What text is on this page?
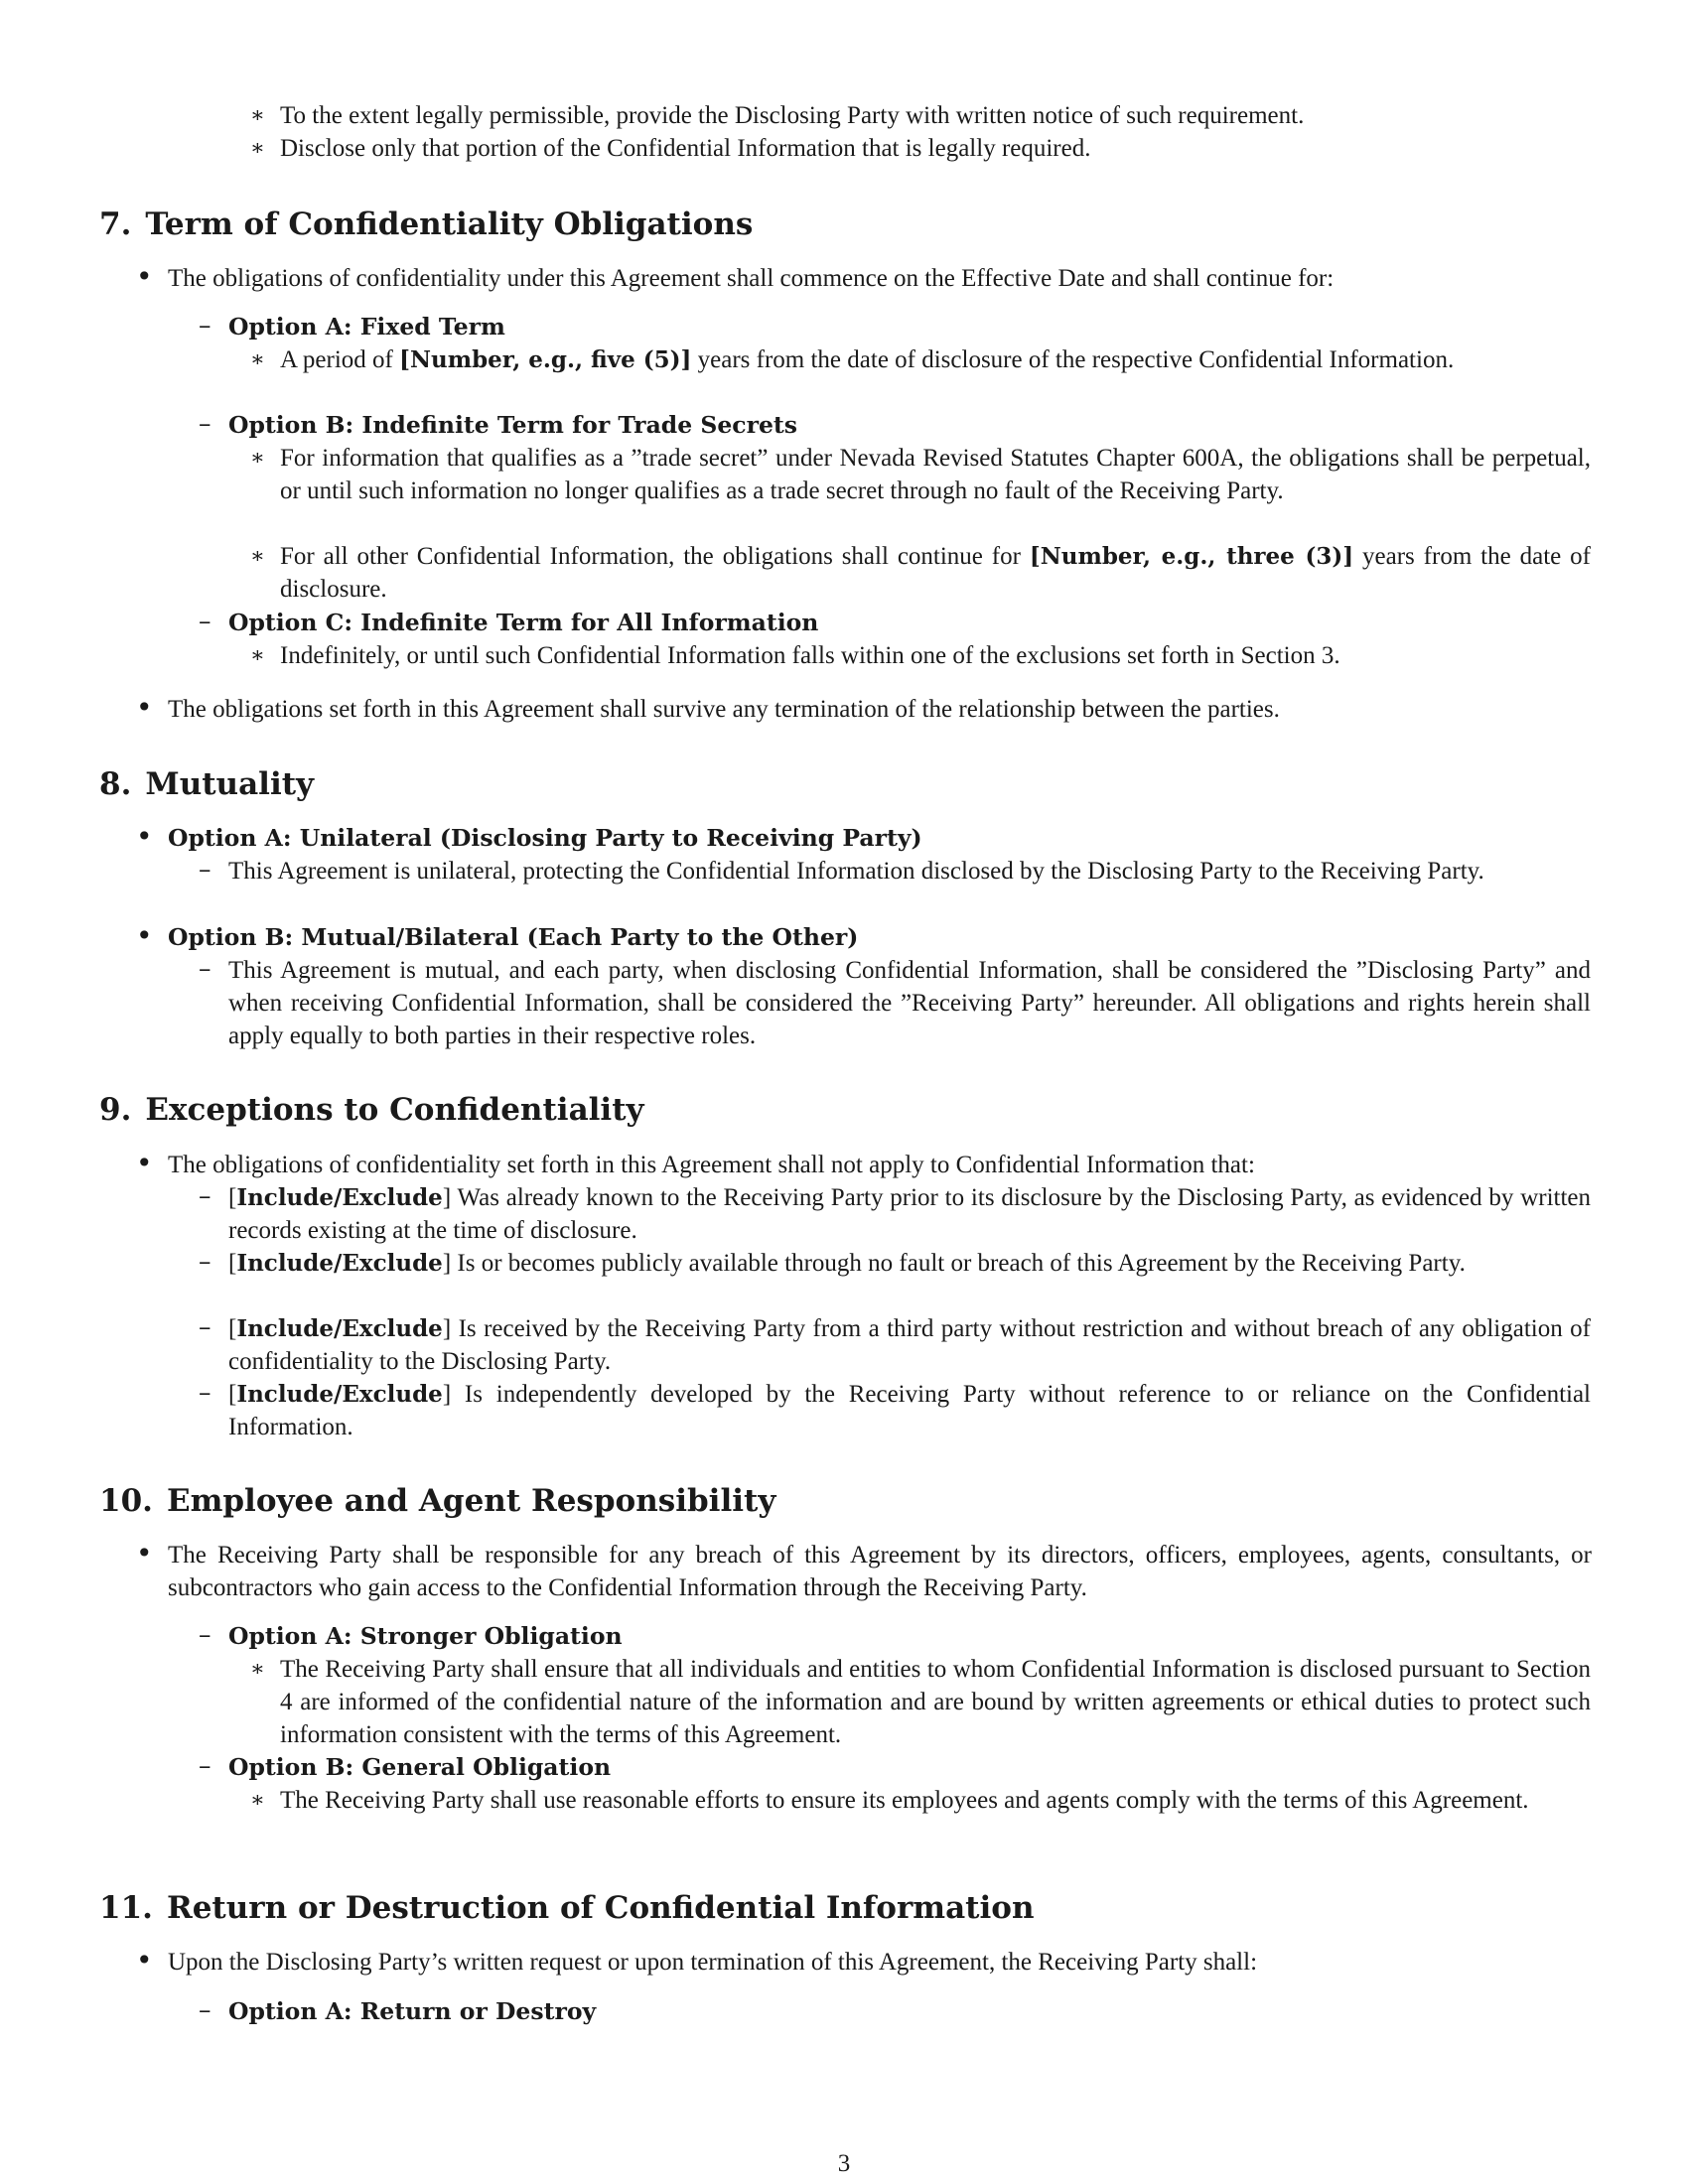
∗ To the extent legally permissible, provide the Disclosing Party with written notice of such requirement.
∗ Disclose only that portion of the Confidential Information that is legally required.
7. Term of Confidentiality Obligations
• The obligations of confidentiality under this Agreement shall commence on the Effective Date and shall continue for:
– Option A: Fixed Term
∗ A period of [Number, e.g., five (5)] years from the date of disclosure of the respective Confidential Information.
– Option B: Indefinite Term for Trade Secrets
∗ For information that qualifies as a ”trade secret” under Nevada Revised Statutes Chapter 600A, the obligations shall be perpetual, or until such information no longer qualifies as a trade secret through no fault of the Receiving Party.
∗ For all other Confidential Information, the obligations shall continue for [Number, e.g., three (3)] years from the date of disclosure.
– Option C: Indefinite Term for All Information
∗ Indefinitely, or until such Confidential Information falls within one of the exclusions set forth in Section 3.
• The obligations set forth in this Agreement shall survive any termination of the relationship between the parties.
8. Mutuality
• Option A: Unilateral (Disclosing Party to Receiving Party)
– This Agreement is unilateral, protecting the Confidential Information disclosed by the Disclosing Party to the Receiving Party.
• Option B: Mutual/Bilateral (Each Party to the Other)
– This Agreement is mutual, and each party, when disclosing Confidential Information, shall be considered the ”Disclosing Party” and when receiving Confidential Information, shall be considered the ”Receiving Party” hereunder. All obligations and rights herein shall apply equally to both parties in their respective roles.
9. Exceptions to Confidentiality
• The obligations of confidentiality set forth in this Agreement shall not apply to Confidential Information that:
– [Include/Exclude] Was already known to the Receiving Party prior to its disclosure by the Disclosing Party, as evidenced by written records existing at the time of disclosure.
– [Include/Exclude] Is or becomes publicly available through no fault or breach of this Agreement by the Receiving Party.
– [Include/Exclude] Is received by the Receiving Party from a third party without restriction and without breach of any obligation of confidentiality to the Disclosing Party.
– [Include/Exclude] Is independently developed by the Receiving Party without reference to or reliance on the Confidential Information.
10. Employee and Agent Responsibility
• The Receiving Party shall be responsible for any breach of this Agreement by its directors, officers, employees, agents, consultants, or subcontractors who gain access to the Confidential Information through the Receiving Party.
– Option A: Stronger Obligation
∗ The Receiving Party shall ensure that all individuals and entities to whom Confidential Information is disclosed pursuant to Section 4 are informed of the confidential nature of the information and are bound by written agreements or ethical duties to protect such information consistent with the terms of this Agreement.
– Option B: General Obligation
∗ The Receiving Party shall use reasonable efforts to ensure its employees and agents comply with the terms of this Agreement.
11. Return or Destruction of Confidential Information
• Upon the Disclosing Party’s written request or upon termination of this Agreement, the Receiving Party shall:
– Option A: Return or Destroy
3
